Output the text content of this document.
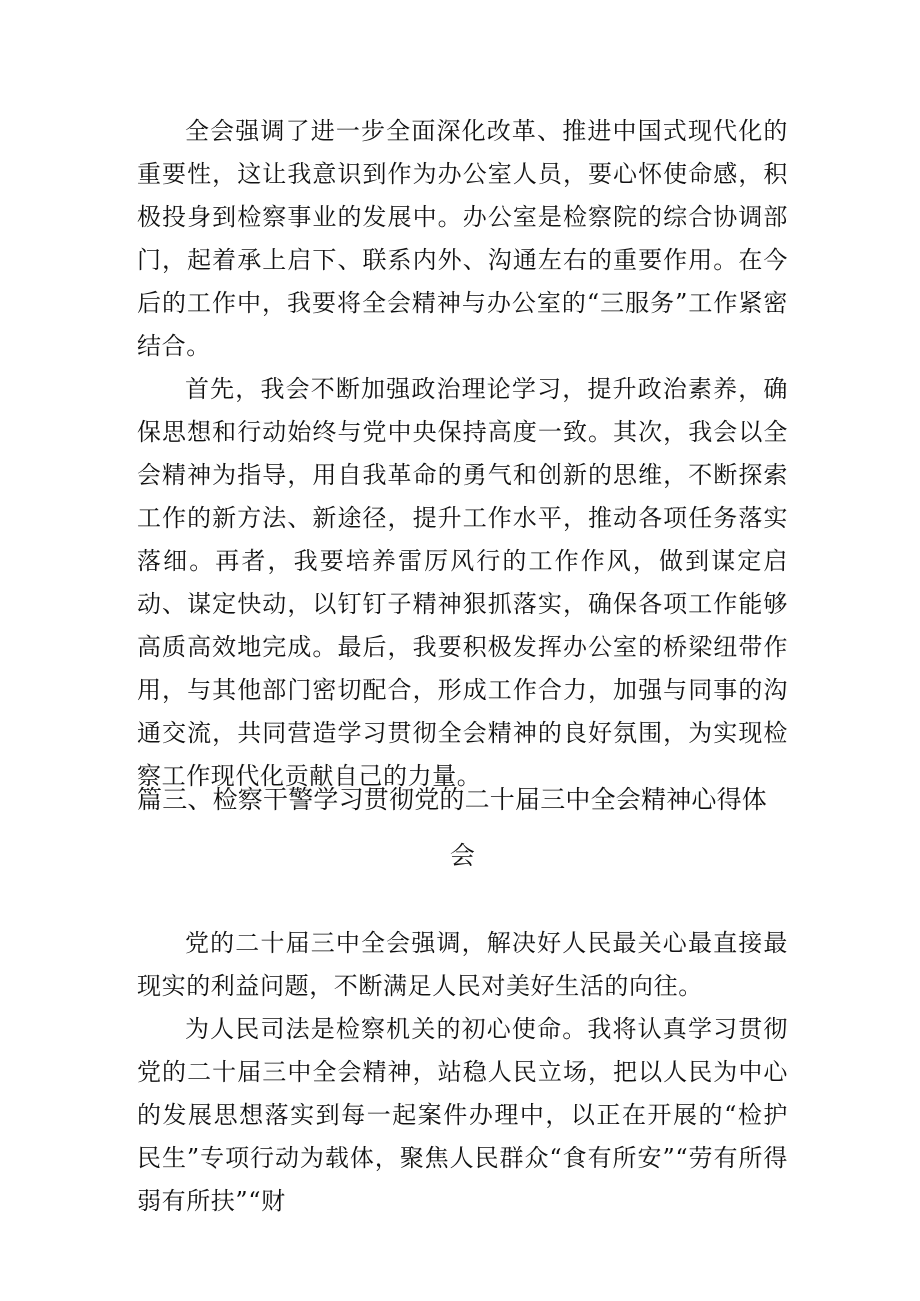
全会强调了进一步全面深化改革、推进中国式现代化的重要性，这让我意识到作为办公室人员，要心怀使命感，积极投身到检察事业的发展中。办公室是检察院的综合协调部门，起着承上启下、联系内外、沟通左右的重要作用。在今后的工作中，我要将全会精神与办公室的“三服务”工作紧密结合。

首先，我会不断加强政治理论学习，提升政治素养，确保思想和行动始终与党中央保持高度一致。其次，我会以全会精神为指导，用自我革命的勇气和创新的思维，不断探索工作的新方法、新途径，提升工作水平，推动各项任务落实落细。再者，我要培养雷厉风行的工作作风，做到谋定启动、谋定快动，以钉钉子精神狠抓落实，确保各项工作能够高质高效地完成。最后，我要积极发挥办公室的桥梁纽带作用，与其他部门密切配合，形成工作合力，加强与同事的沟通交流，共同营造学习贯彻全会精神的良好氛围，为实现检察工作现代化贡献自己的力量。

篇三、检察干警学习贯彻党的二十届三中全会精神心得体
会

党的二十届三中全会强调，解决好人民最关心最直接最现实的利益问题，不断满足人民对美好生活的向往。

为人民司法是检察机关的初心使命。我将认真学习贯彻党的二十届三中全会精神，站稳人民立场，把以人民为中心的发展思想落实到每一起案件办理中，以正在开展的“检护民生”专项行动为载体，聚焦人民群众“食有所安”“劳有所得弱有所扶”“财
